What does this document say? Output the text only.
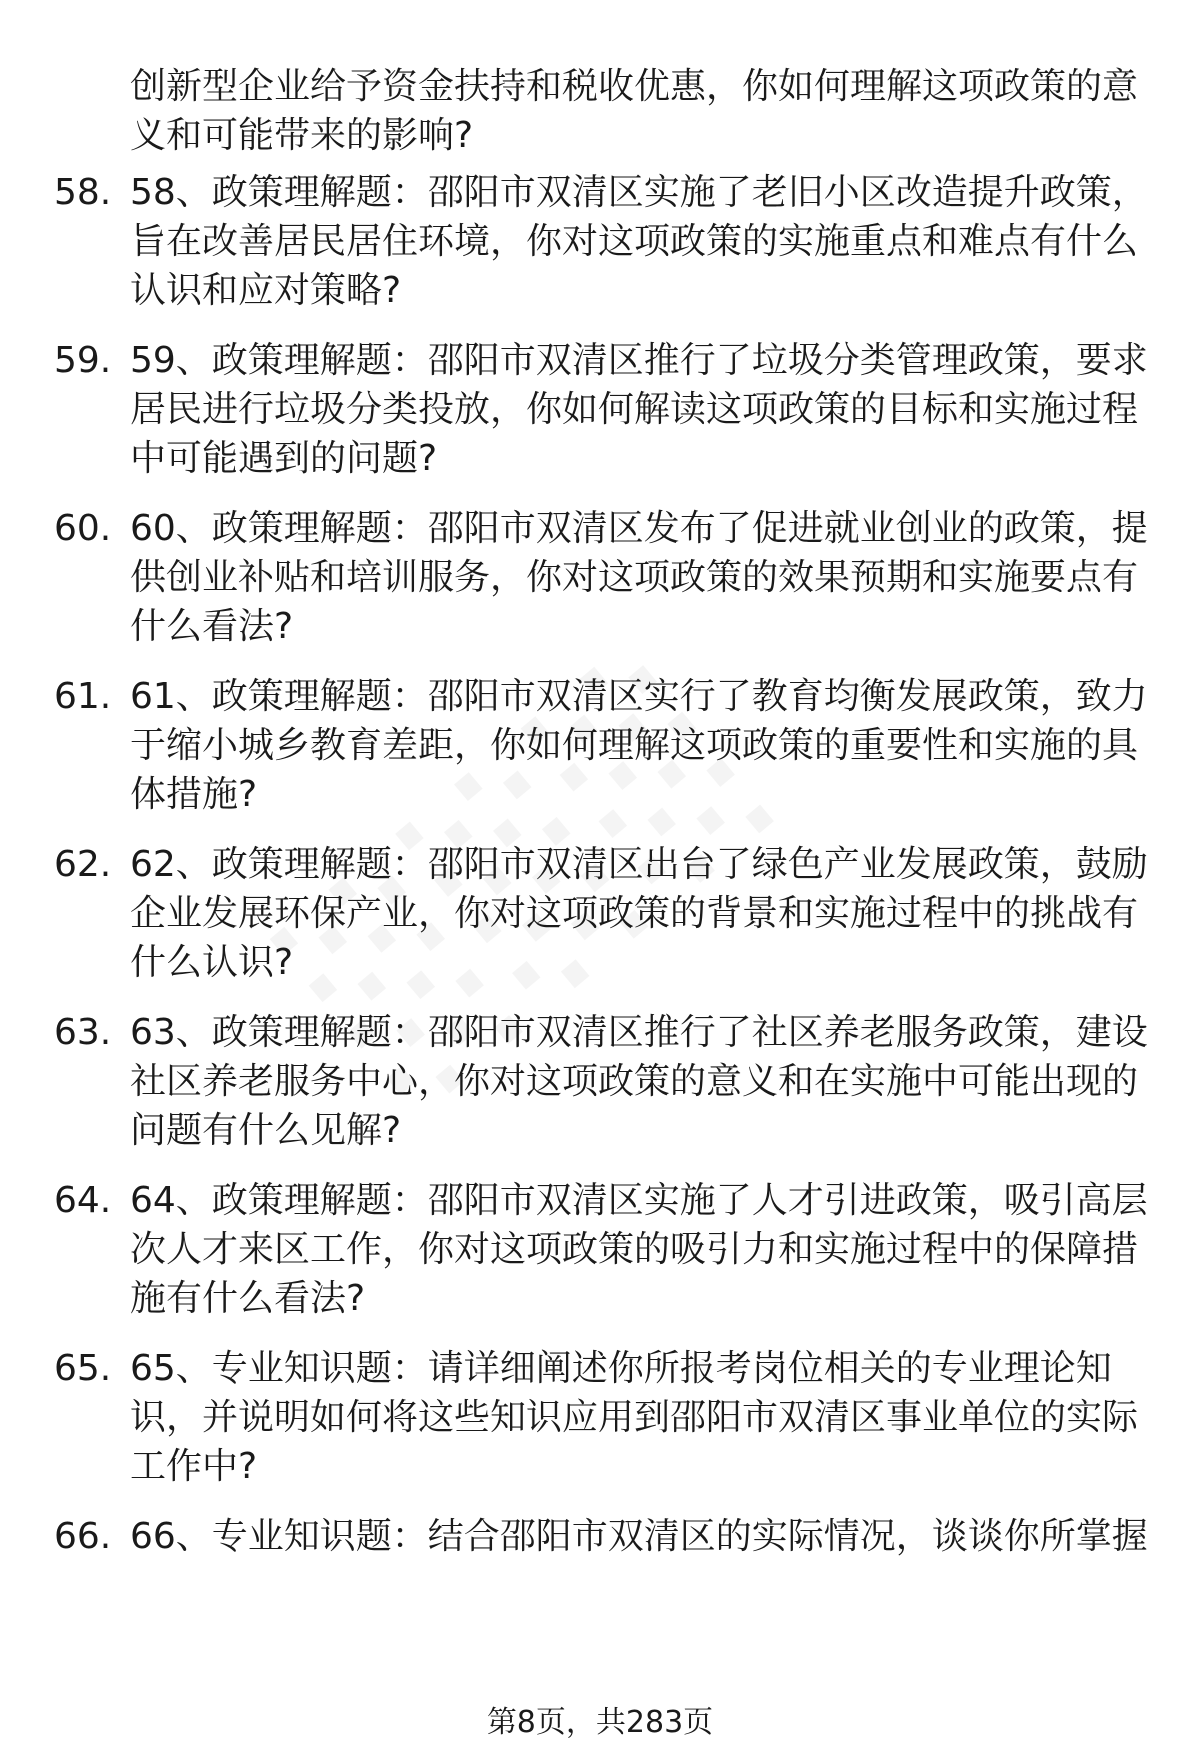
创新型企业给予资金扶持和税收优惠，你如何理解这项政策的意义和可能带来的影响?
58. 58、政策理解题：邵阳市双清区实施了老旧小区改造提升政策，旨在改善居民居住环境，你对这项政策的实施重点和难点有什么认识和应对策略?
59. 59、政策理解题：邵阳市双清区推行了垃圾分类管理政策，要求居民进行垃圾分类投放，你如何解读这项政策的目标和实施过程中可能遇到的问题?
60. 60、政策理解题：邵阳市双清区发布了促进就业创业的政策，提供创业补贴和培训服务，你对这项政策的效果预期和实施要点有什么看法?
61. 61、政策理解题：邵阳市双清区实行了教育均衡发展政策，致力于缩小城乡教育差距，你如何理解这项政策的重要性和实施的具体措施?
62. 62、政策理解题：邵阳市双清区出台了绿色产业发展政策，鼓励企业发展环保产业，你对这项政策的背景和实施过程中的挑战有什么认识?
63. 63、政策理解题：邵阳市双清区推行了社区养老服务政策，建设社区养老服务中心，你对这项政策的意义和在实施中可能出现的问题有什么见解?
64. 64、政策理解题：邵阳市双清区实施了人才引进政策，吸引高层次人才来区工作，你对这项政策的吸引力和实施过程中的保障措施有什么看法?
65. 65、专业知识题：请详细阐述你所报考岗位相关的专业理论知识，并说明如何将这些知识应用到邵阳市双清区事业单位的实际工作中?
66. 66、专业知识题：结合邵阳市双清区的实际情况，谈谈你所掌握
第8页，共283页
